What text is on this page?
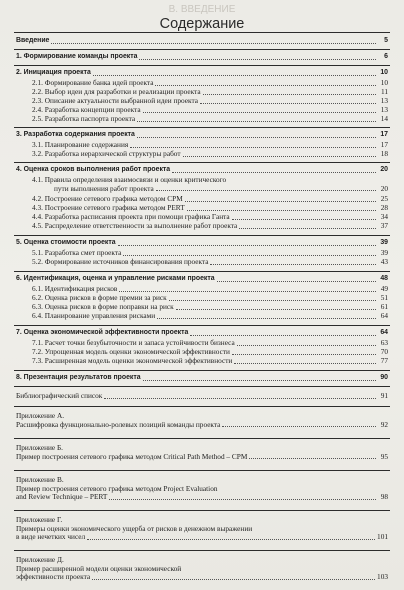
В. ВВЕДЕНИЕ
Содержание
Введение	5
1. Формирование команды проекта	6
2. Инициация проекта	10
2.1. Формирование банка идей проекта	10
2.2. Выбор идеи для разработки и реализации проекта	11
2.3. Описание актуальности выбранной идеи проекта	13
2.4. Разработка концепции проекта	13
2.5. Разработка паспорта проекта	14
3. Разработка содержания проекта	17
3.1. Планирование содержания	17
3.2. Разработка иерархической структуры работ	18
4. Оценка сроков выполнения работ проекта	20
4.1. Правила определения взаимосвязи и оценки критического
пути выполнения работ проекта	20
4.2. Построение сетевого графика методом CPM	25
4.3. Построение сетевого графика методом PERT	28
4.4. Разработка расписания проекта при помощи графика Ганта	34
4.5. Распределение ответственности за выполнение работ проекта	37
5. Оценка стоимости проекта	39
5.1. Разработка смет проекта	39
5.2. Формирование источников финансирования проекта	43
6. Идентификация, оценка и управление рисками проекта	48
6.1. Идентификация рисков	49
6.2. Оценка рисков в форме премии за риск	51
6.3. Оценка рисков в форме поправки на риск	61
6.4. Планирование управления рисками	64
7. Оценка экономической эффективности проекта	64
7.1. Расчет точки безубыточности и запаса устойчивости бизнеса	63
7.2. Упрощенная модель оценки экономической эффективности	70
7.3. Расширенная модель оценки экономической эффективности	77
8. Презентация результатов проекта	90
Библиографический список	91
Приложение А.
Расшифровка функционально-ролевых позиций команды проекта	92
Приложение Б.
Пример построения сетевого графика методом Critical Path Method – CPM	95
Приложение В.
Пример построения сетевого графика методом Project Evaluation
and Review Technique – PERT	98
Приложение Г.
Примеры оценки экономического ущерба от рисков в денежном выражении
в виде нечетких чисел	101
Приложение Д.
Пример расширенной модели оценки экономической
эффективности проекта	103
